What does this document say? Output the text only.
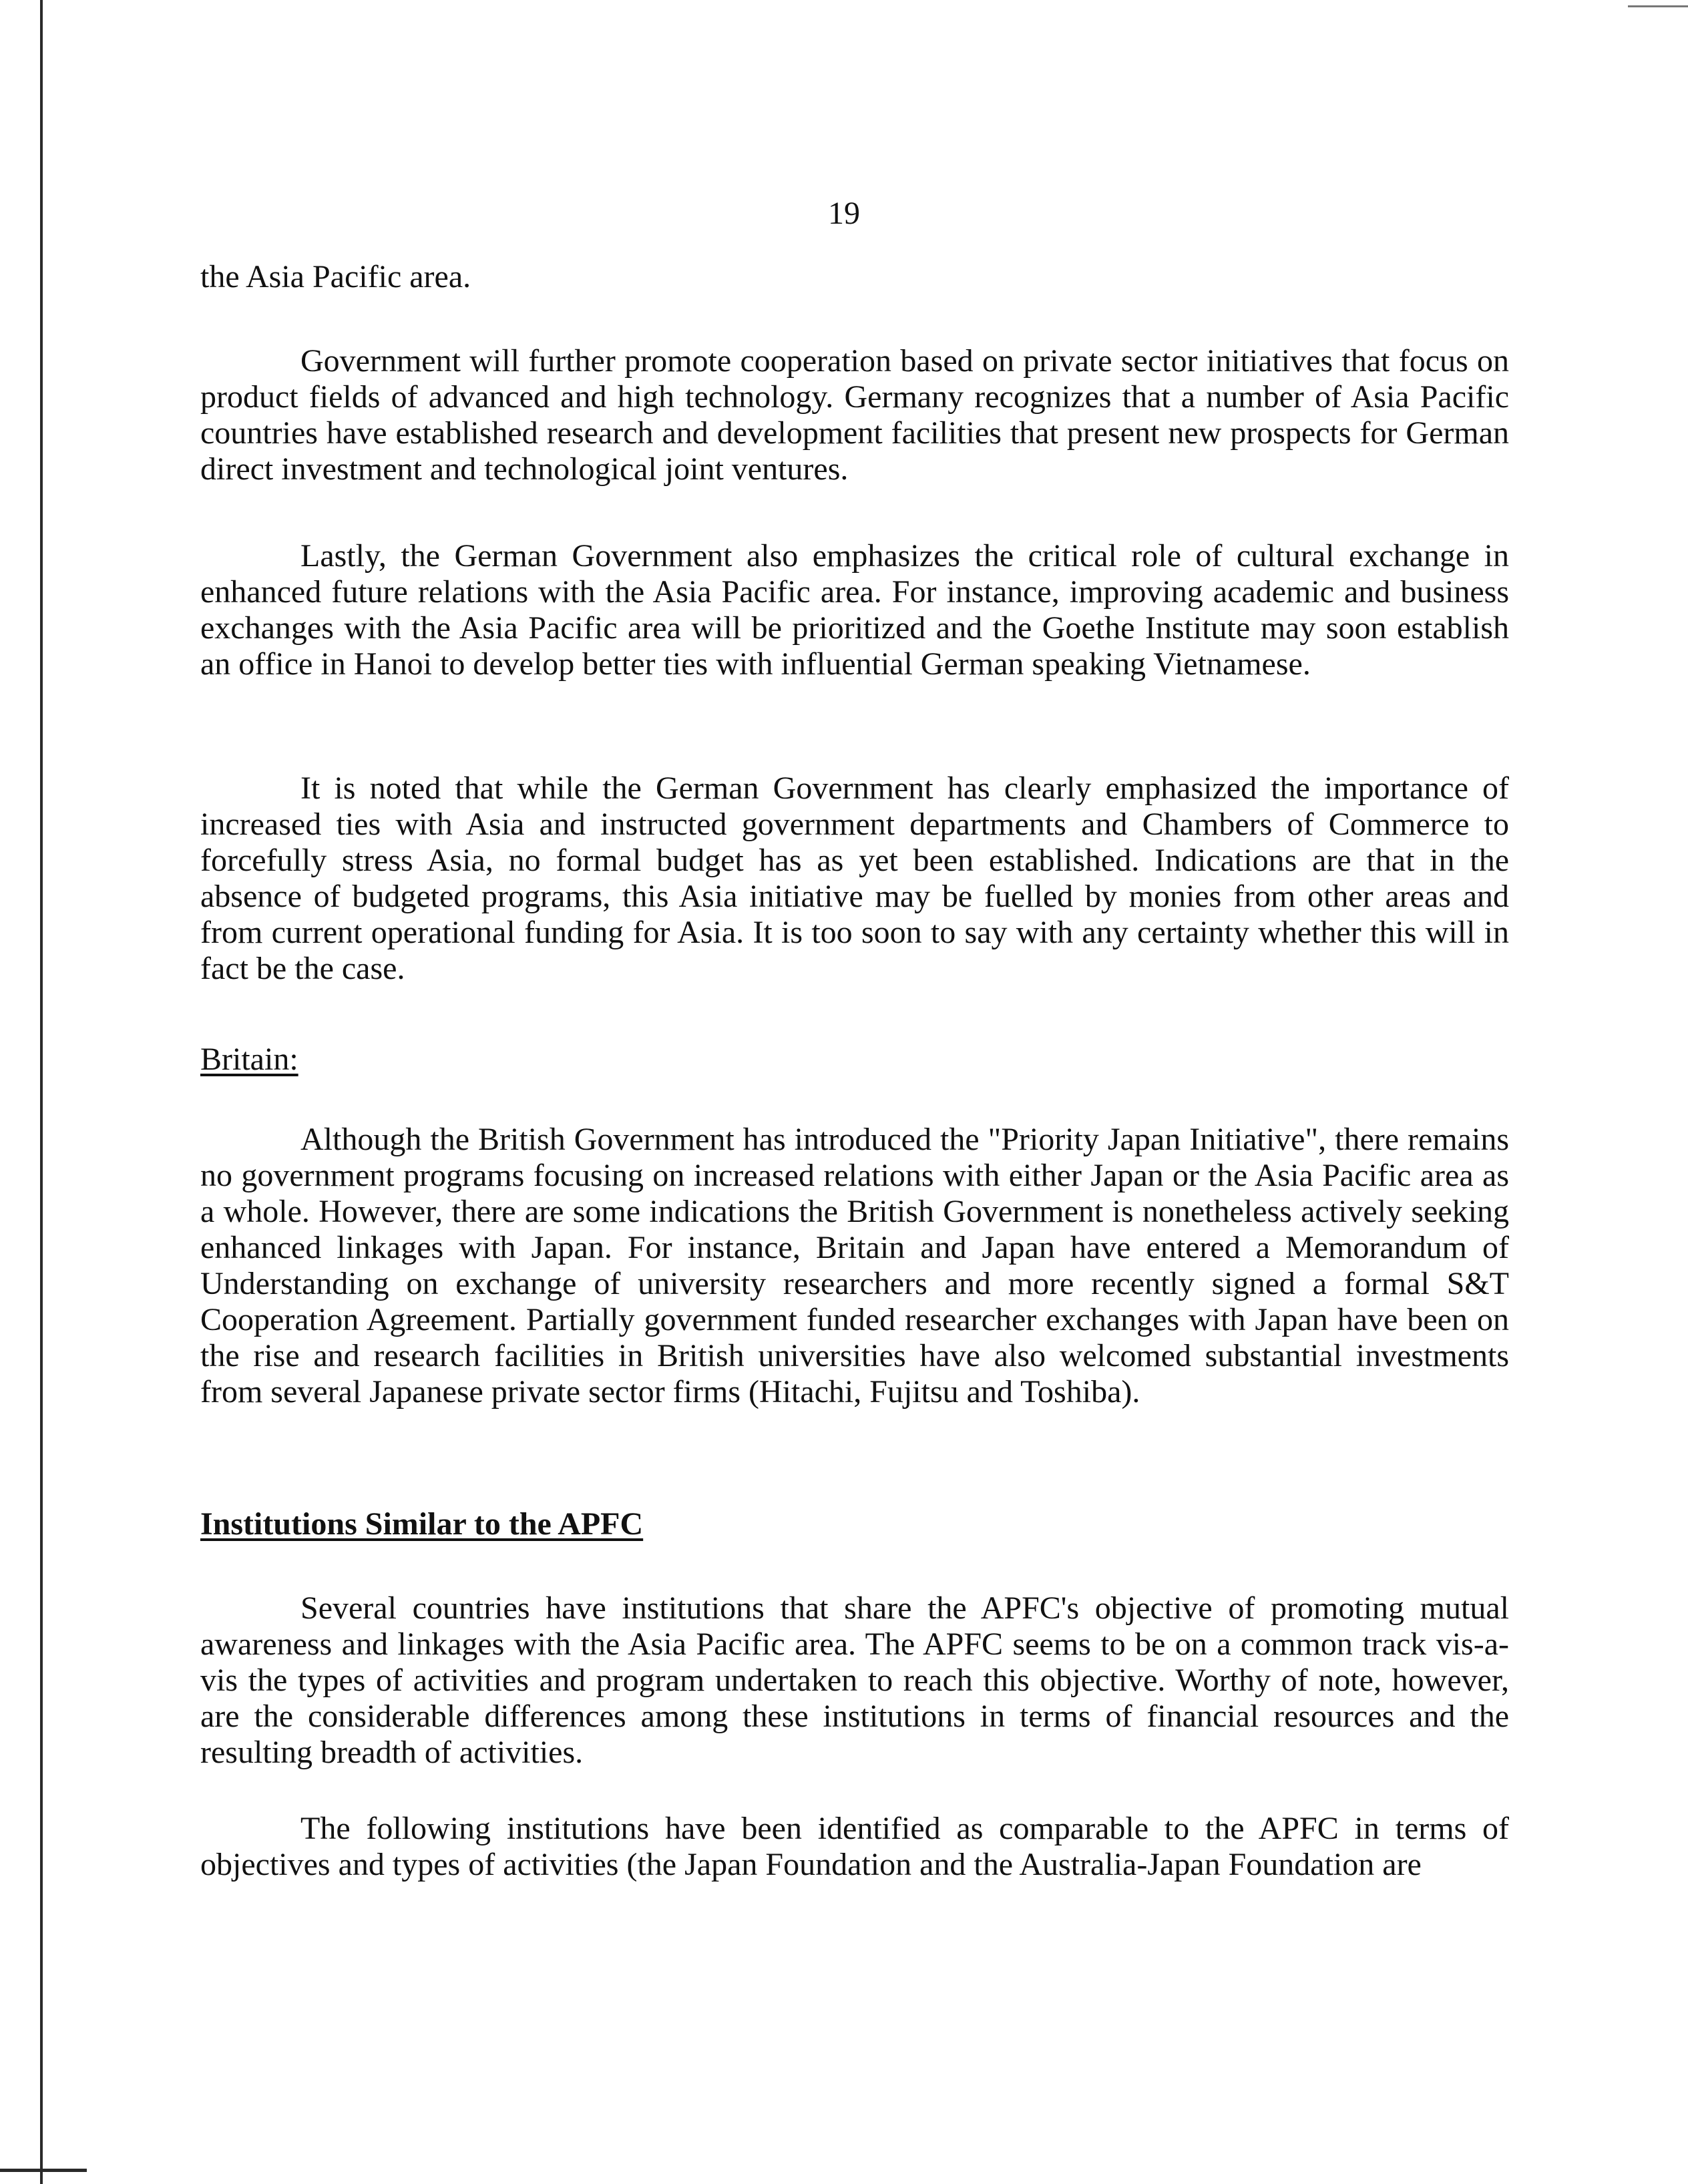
19
the Asia Pacific area.
Government will further promote cooperation based on private sector initiatives that focus on product fields of advanced and high technology. Germany recognizes that a number of Asia Pacific countries have established research and development facilities that present new prospects for German direct investment and technological joint ventures.
Lastly, the German Government also emphasizes the critical role of cultural exchange in enhanced future relations with the Asia Pacific area. For instance, improving academic and business exchanges with the Asia Pacific area will be prioritized and the Goethe Institute may soon establish an office in Hanoi to develop better ties with influential German speaking Vietnamese.
It is noted that while the German Government has clearly emphasized the importance of increased ties with Asia and instructed government departments and Chambers of Commerce to forcefully stress Asia, no formal budget has as yet been established. Indications are that in the absence of budgeted programs, this Asia initiative may be fuelled by monies from other areas and from current operational funding for Asia. It is too soon to say with any certainty whether this will in fact be the case.
Britain:
Although the British Government has introduced the "Priority Japan Initiative", there remains no government programs focusing on increased relations with either Japan or the Asia Pacific area as a whole. However, there are some indications the British Government is nonetheless actively seeking enhanced linkages with Japan. For instance, Britain and Japan have entered a Memorandum of Understanding on exchange of university researchers and more recently signed a formal S&T Cooperation Agreement. Partially government funded researcher exchanges with Japan have been on the rise and research facilities in British universities have also welcomed substantial investments from several Japanese private sector firms (Hitachi, Fujitsu and Toshiba).
Institutions Similar to the APFC
Several countries have institutions that share the APFC's objective of promoting mutual awareness and linkages with the Asia Pacific area. The APFC seems to be on a common track vis-a-vis the types of activities and program undertaken to reach this objective. Worthy of note, however, are the considerable differences among these institutions in terms of financial resources and the resulting breadth of activities.
The following institutions have been identified as comparable to the APFC in terms of objectives and types of activities (the Japan Foundation and the Australia-Japan Foundation are
